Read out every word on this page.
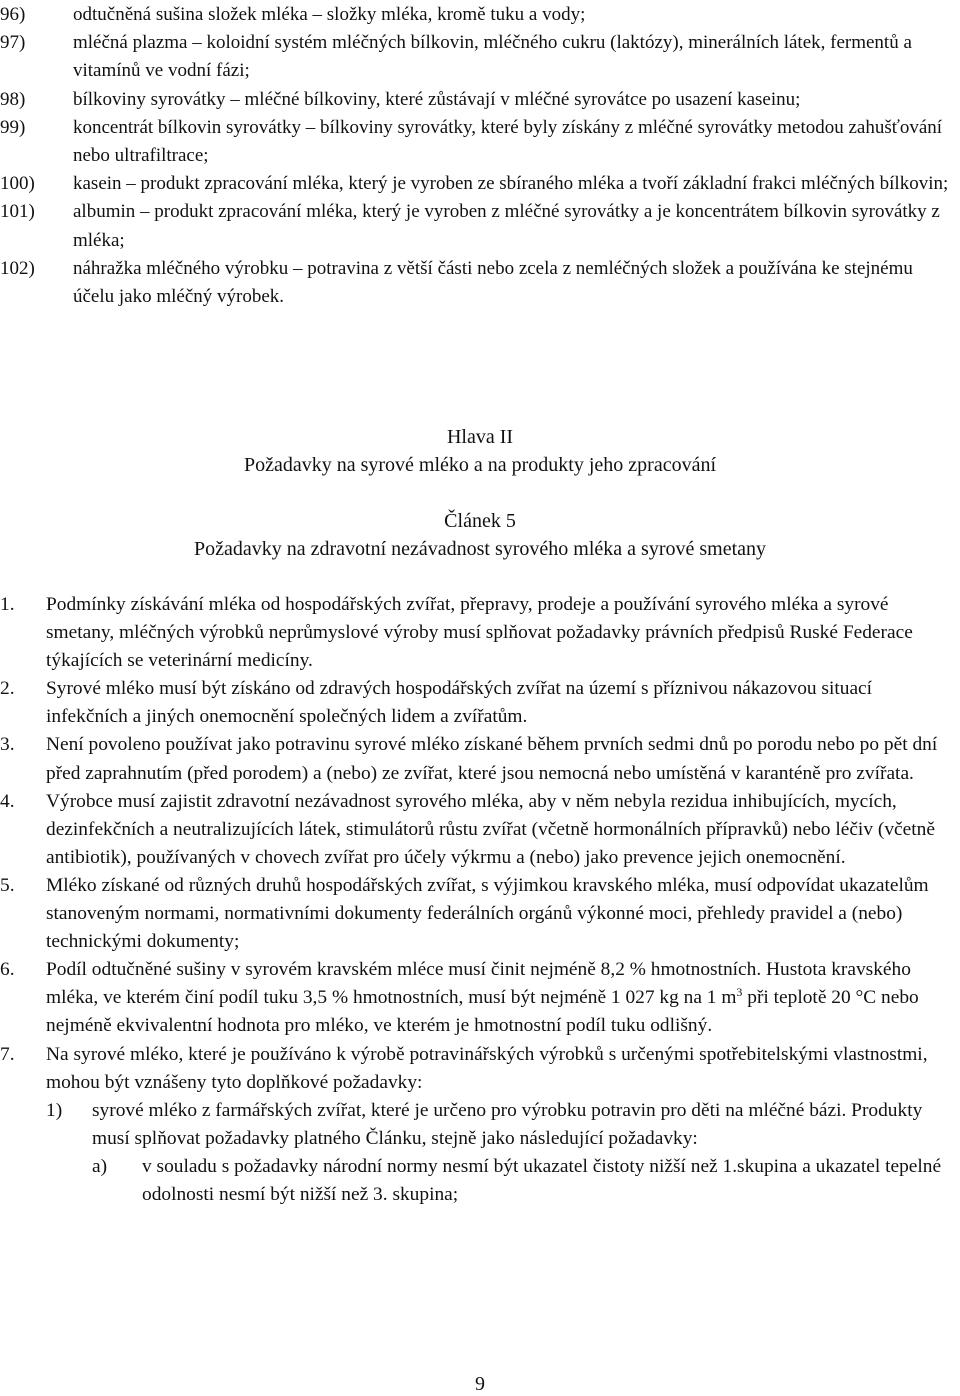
96)	odtučněná sušina složek mléka – složky mléka, kromě tuku a vody;
97)	mléčná plazma – koloidní systém mléčných bílkovin, mléčného cukru (laktózy), minerálních látek, fermentů a vitamínů ve vodní fázi;
98)	bílkoviny syrovátky – mléčné bílkoviny, které zůstávají v mléčné syrovátce po usazení kaseinu;
99)	koncentrát bílkovin syrovátky – bílkoviny syrovátky, které byly získány z mléčné syrovátky metodou zahušťování nebo ultrafiltrace;
100)	kasein – produkt zpracování mléka, který je vyroben ze sbíraného mléka a tvoří základní frakci mléčných bílkovin;
101)	albumin – produkt zpracování mléka, který je vyroben z mléčné syrovátky a je koncentrátem bílkovin syrovátky z mléka;
102)	náhražka mléčného výrobku – potravina z větší části nebo zcela z nemléčných složek a používána ke stejnému účelu jako mléčný výrobek.
Hlava II
Požadavky na syrové mléko a na produkty jeho zpracování
Článek 5
Požadavky na zdravotní nezávadnost syrového mléka a syrové smetany
1.	Podmínky získávání mléka od hospodářských zvířat, přepravy, prodeje a používání syrového mléka a syrové smetany, mléčných výrobků neprůmyslové výroby musí splňovat požadavky právních předpisů Ruské Federace týkajících se veterinární medicíny.
2.	Syrové mléko musí být získáno od zdravých hospodářských zvířat na území s příznivou nákazovou situací infekčních a jiných onemocnění společných lidem a zvířatům.
3.	Není povoleno používat jako potravinu syrové mléko získané během prvních sedmi dnů po porodu nebo po pět dní před zaprahnutím (před porodem) a (nebo) ze zvířat, které jsou nemocná nebo umístěná v karanténě pro zvířata.
4.	Výrobce musí zajistit zdravotní nezávadnost syrového mléka, aby v něm nebyla rezidua inhibujících, mycích, dezinfekčních a neutralizujících látek, stimulátorů růstu zvířat (včetně hormonálních přípravků) nebo léčiv (včetně antibiotik), používaných v chovech zvířat pro účely výkrmu a (nebo) jako prevence jejich onemocnění.
5.	Mléko získané od různých druhů hospodářských zvířat, s výjimkou kravského mléka, musí odpovídat ukazatelům stanoveným normami, normativními dokumenty federálních orgánů výkonné moci, přehledy pravidel a (nebo) technickými dokumenty;
6.	Podíl odtučněné sušiny v syrovém kravském mléce musí činit nejméně 8,2 % hmotnostních. Hustota kravského mléka, ve kterém činí podíl tuku 3,5 % hmotnostních, musí být nejméně 1 027 kg na 1 $m^3$ při teplotě 20 °C nebo nejméně ekvivalentní hodnota pro mléko, ve kterém je hmotnostní podíl tuku odlišný.
7.	Na syrové mléko, které je používáno k výrobě potravinářských výrobků s určenými spotřebitelskými vlastnostmi, mohou být vznášeny tyto doplňkové požadavky:
1)	syrové mléko z farmářských zvířat, které je určeno pro výrobku potravin pro děti na mléčné bázi. Produkty musí splňovat požadavky platného Článku, stejně jako následující požadavky:
a)	v souladu s požadavky národní normy nesmí být ukazatel čistoty nižší než 1.skupina a ukazatel tepelné odolnosti nesmí být nižší než 3. skupina;
9
